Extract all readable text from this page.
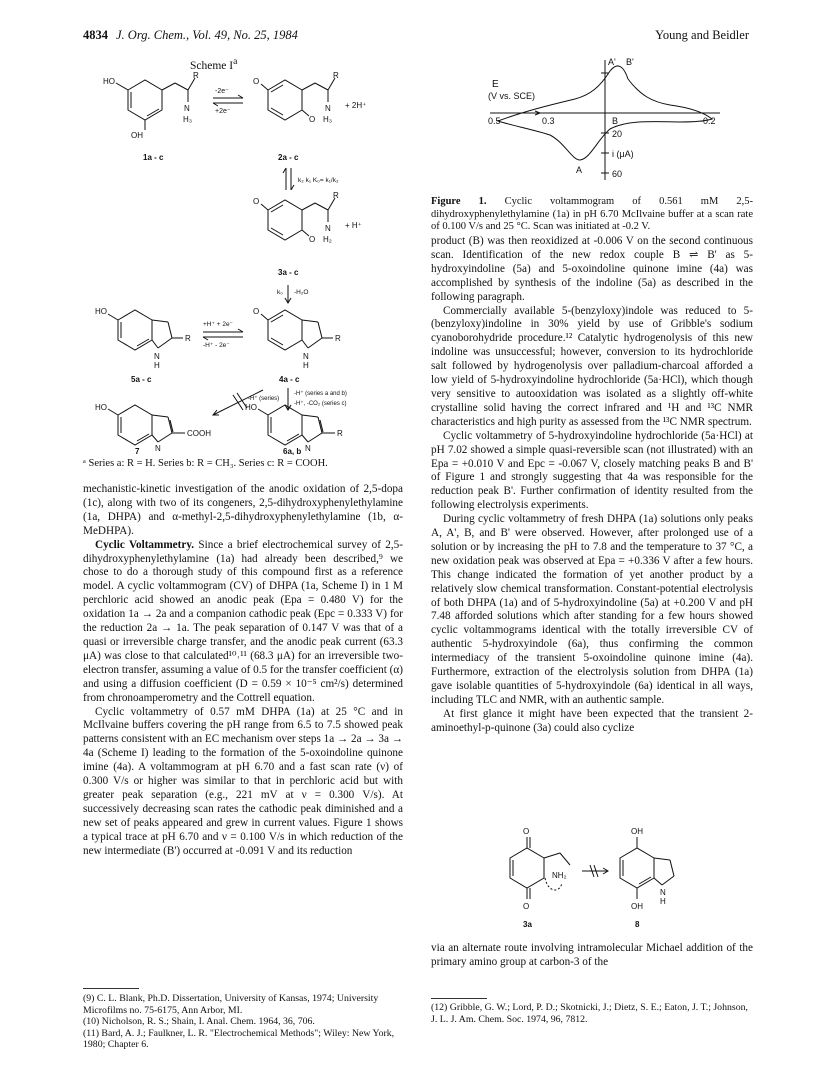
4834 J. Org. Chem., Vol. 49, No. 25, 1984	Young and Beidler
Scheme $I^a$
HO
R
N
OH
H₃
1a - c
-2e⁻
+2e⁻
O
R
N
O H₃
+ 2H⁺
2a - c
k₂ k₁ K₀= k₁/k₂
O
R
N
O H₂
+ H⁺
3a - c
k₀ -H₂O
HO
R
N
H
5a - c
+H⁺ + 2e⁻
-H⁺ - 2e⁻
O
R
N
H
4a - c
-H⁺ (series)
-H⁺ (series a and b)
-H⁺, -CO₂ (series c)
HO
COOH
N
7
HO
R
N
6a, b
ᵃ Series a: R = H. Series b: R = CH₃. Series c: R = COOH.
E
(V vs. SCE)
0.5	0.3	-0.2
20
i (μA)
60
A
A' B'
B
Figure 1. Cyclic voltammogram of 0.561 mM 2,5-dihydroxyphenylethylamine (1a) in pH 6.70 McIlvaine buffer at a scan rate of 0.100 V/s and 25 °C. Scan was initiated at -0.2 V.

mechanistic-kinetic investigation of the anodic oxidation of 2,5-dopa (1c), along with two of its congeners, 2,5-dihydroxyphenylethylamine (1a, DHPA) and α-methyl-2,5-dihydroxyphenylethylamine (1b, α-MeDHPA).

Cyclic Voltammetry. Since a brief electrochemical survey of 2,5-dihydroxyphenylethylamine (1a) had already been described,⁹ we chose to do a thorough study of this compound first as a reference model. A cyclic voltammogram (CV) of DHPA (1a, Scheme I) in 1 M perchloric acid showed an anodic peak (Epa = 0.480 V) for the oxidation 1a → 2a and a companion cathodic peak (Epc = 0.333 V) for the reduction 2a → 1a. The peak separation of 0.147 V was that of a quasi or irreversible charge transfer, and the anodic peak current (63.3 μA) was close to that calculated¹⁰˒¹¹ (68.3 μA) for an irreversible two-electron transfer, assuming a value of 0.5 for the transfer coefficient (α) and using a diffusion coefficient (D = 0.59 × 10⁻⁵ cm²/s) determined from chronoamperometry and the Cottrell equation.

Cyclic voltammetry of 0.57 mM DHPA (1a) at 25 °C and in McIlvaine buffers covering the pH range from 6.5 to 7.5 showed peak patterns consistent with an EC mechanism over steps 1a → 2a → 3a → 4a (Scheme I) leading to the formation of the 5-oxoindoline quinone imine (4a). A voltammogram at pH 6.70 and a fast scan rate (ν) of 0.300 V/s or higher was similar to that in perchloric acid but with greater peak separation (e.g., 221 mV at ν = 0.300 V/s). At successively decreasing scan rates the cathodic peak diminished and a new set of peaks appeared and grew in current values. Figure 1 shows a typical trace at pH 6.70 and ν = 0.100 V/s in which reduction of the new intermediate (B') occurred at -0.091 V and its reduction

product (B) was then reoxidized at -0.006 V on the second continuous scan. Identification of the new redox couple B ⇌ B' as 5-hydroxyindoline (5a) and 5-oxoindoline quinone imine (4a) was accomplished by synthesis of the indoline (5a) as described in the following paragraph.

Commercially available 5-(benzyloxy)indole was reduced to 5-(benzyloxy)indoline in 30% yield by use of Gribble's sodium cyanoborohydride procedure.¹² Catalytic hydrogenolysis of this new indoline was unsuccessful; however, conversion to its hydrochloride salt followed by hydrogenolysis over palladium-charcoal afforded a low yield of 5-hydroxyindoline hydrochloride (5a·HCl), which though very sensitive to autooxidation was isolated as a slightly off-white crystalline solid having the correct infrared and ¹H and ¹³C NMR characteristics and high purity as assessed from the ¹³C NMR spectrum.

Cyclic voltammetry of 5-hydroxyindoline hydrochloride (5a·HCl) at pH 7.02 showed a simple quasi-reversible scan (not illustrated) with an Epa = +0.010 V and Epc = -0.067 V, closely matching peaks B and B' of Figure 1 and strongly suggesting that 4a was responsible for the reduction peak B'. Further confirmation of identity resulted from the following electrolysis experiments.

During cyclic voltammetry of fresh DHPA (1a) solutions only peaks A, A', B, and B' were observed. However, after prolonged use of a solution or by increasing the pH to 7.8 and the temperature to 37 °C, a new oxidation peak was observed at Epa = +0.336 V after a few hours. This change indicated the formation of yet another product by a relatively slow chemical transformation. Constant-potential electrolysis of both DHPA (1a) and of 5-hydroxyindoline (5a) at +0.200 V and pH 7.48 afforded solutions which after standing for a few hours showed cyclic voltammograms identical with the totally irreversible CV of authentic 5-hydroxyindole (6a), thus confirming the common intermediacy of the transient 5-oxoindoline quinone imine (4a). Furthermore, extraction of the electrolysis solution from DHPA (1a) gave isolable quantities of 5-hydroxyindole (6a) identical in all ways, including TLC and NMR, with an authentic sample.

At first glance it might have been expected that the transient 2-aminoethyl-p-quinone (3a) could also cyclize

O
O
NH₂
3a
OH
OH
N
H
8

via an alternate route involving intramolecular Michael addition of the primary amino group at carbon-3 of the

(9) C. L. Blank, Ph.D. Dissertation, University of Kansas, 1974; University Microfilms no. 75-6175, Ann Arbor, MI.
(10) Nicholson, R. S.; Shain, I. Anal. Chem. 1964, 36, 706.
(11) Bard, A. J.; Faulkner, L. R. "Electrochemical Methods"; Wiley: New York, 1980; Chapter 6.
(12) Gribble, G. W.; Lord, P. D.; Skotnicki, J.; Dietz, S. E.; Eaton, J. T.; Johnson, J. L. J. Am. Chem. Soc. 1974, 96, 7812.
